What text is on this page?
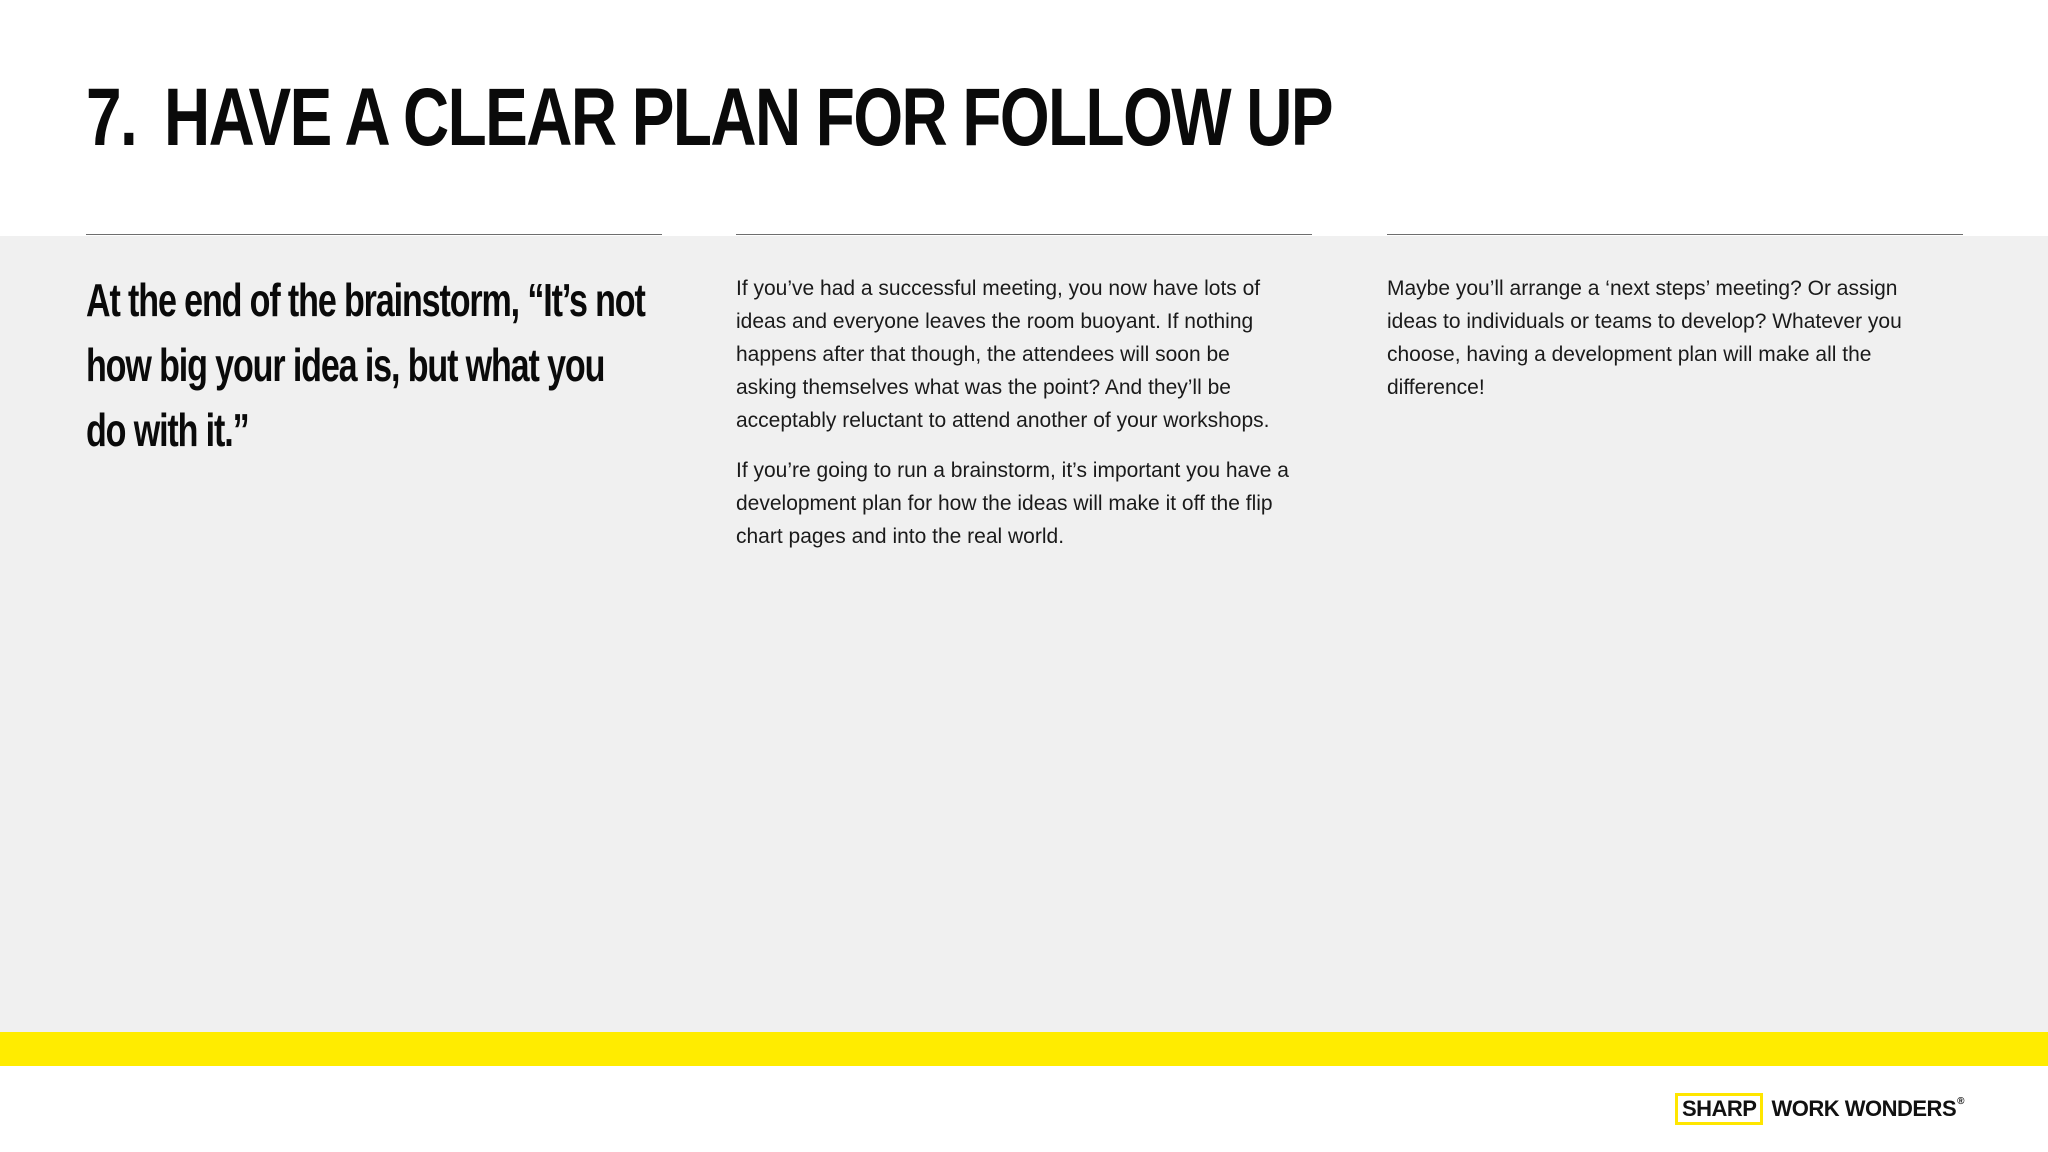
7. HAVE A CLEAR PLAN FOR FOLLOW UP

At the end of the brainstorm, “It’s not how big your idea is, but what you do with it.”

If you’ve had a successful meeting, you now have lots of ideas and everyone leaves the room buoyant. If nothing happens after that though, the attendees will soon be asking themselves what was the point? And they’ll be acceptably reluctant to attend another of your workshops.

If you’re going to run a brainstorm, it’s important you have a development plan for how the ideas will make it off the flip chart pages and into the real world.

Maybe you’ll arrange a ‘next steps’ meeting? Or assign ideas to individuals or teams to develop? Whatever you choose, having a development plan will make all the difference!

SHARP WORK WONDERS®
